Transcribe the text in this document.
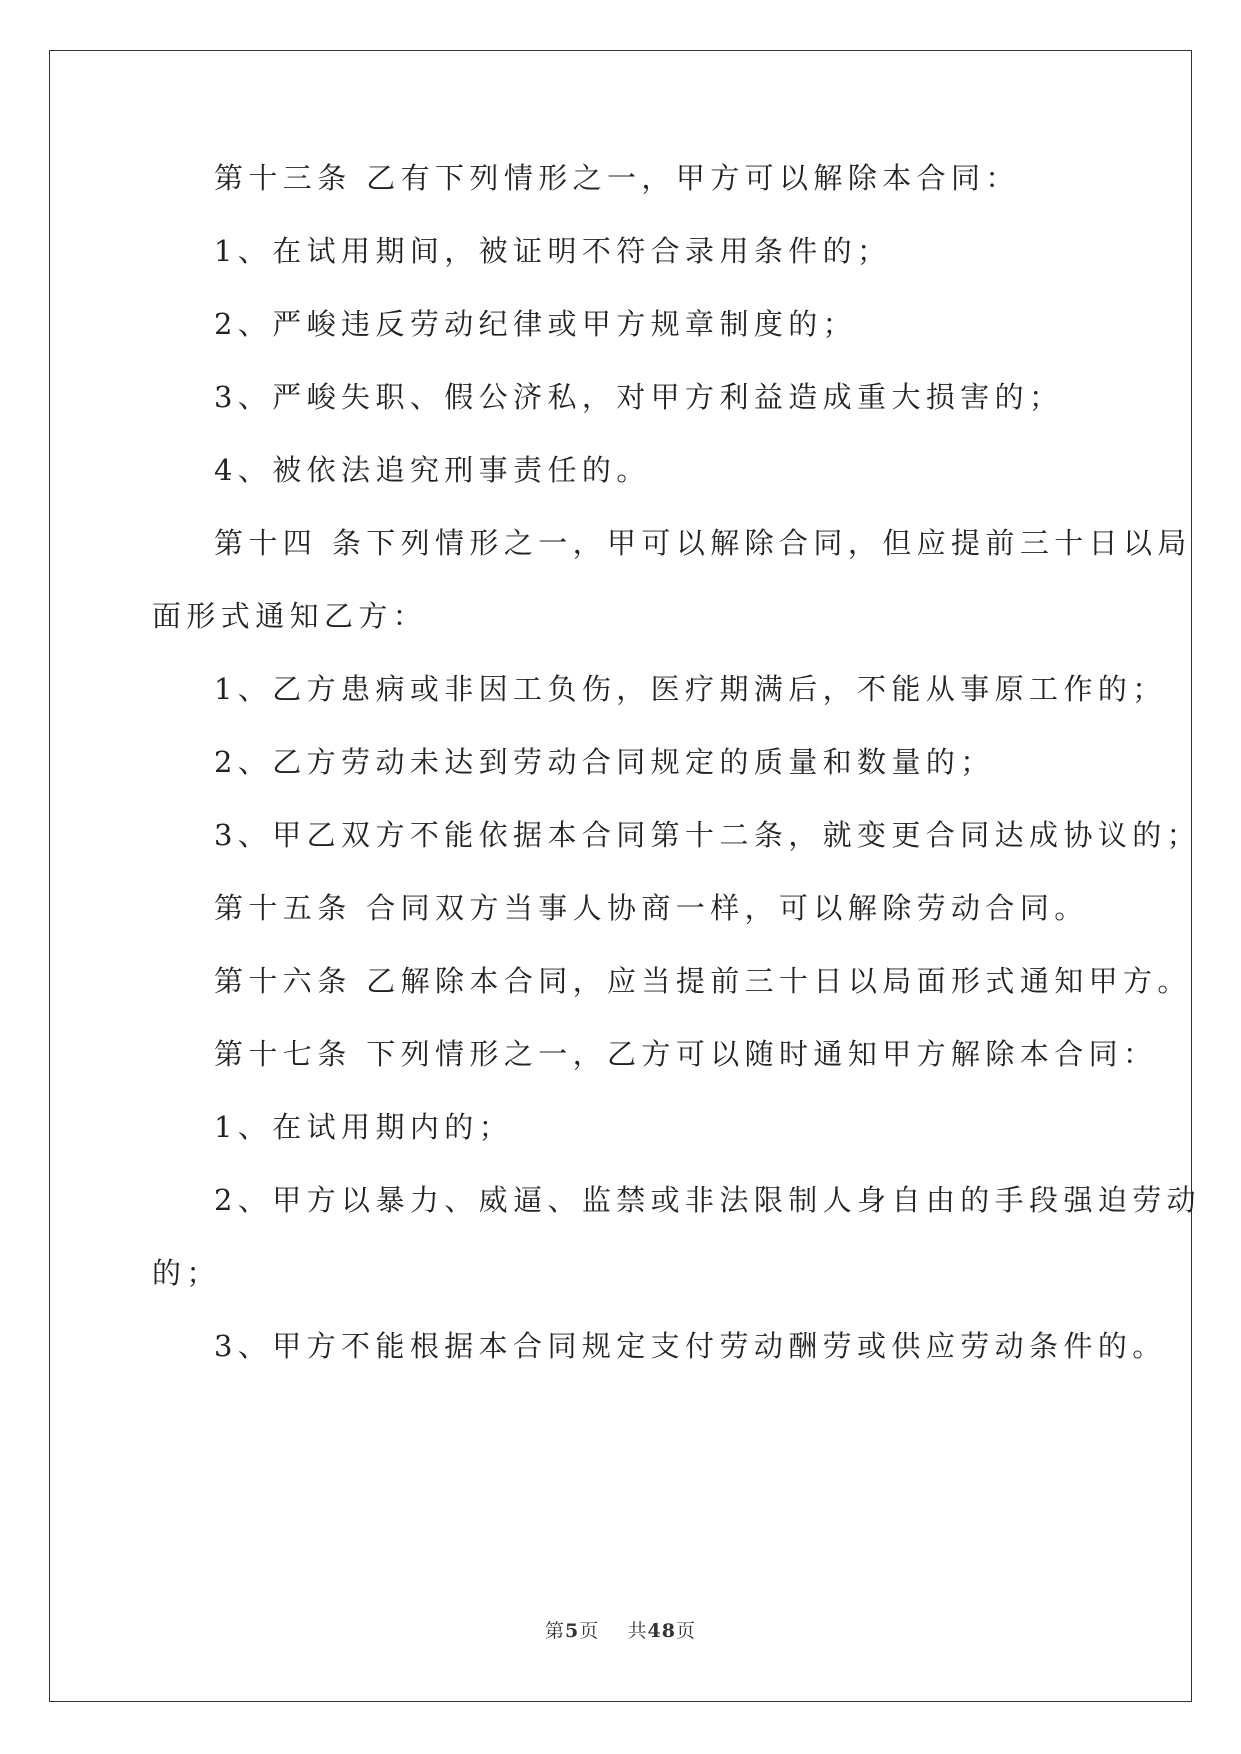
第十三条 乙有下列情形之一，甲方可以解除本合同：
1、在试用期间，被证明不符合录用条件的；
2、严峻违反劳动纪律或甲方规章制度的；
3、严峻失职、假公济私，对甲方利益造成重大损害的；
4、被依法追究刑事责任的。
第十四 条下列情形之一，甲可以解除合同，但应提前三十日以局
面形式通知乙方：
1、乙方患病或非因工负伤，医疗期满后，不能从事原工作的；
2、乙方劳动未达到劳动合同规定的质量和数量的；
3、甲乙双方不能依据本合同第十二条，就变更合同达成协议的；
第十五条 合同双方当事人协商一样，可以解除劳动合同。
第十六条 乙解除本合同，应当提前三十日以局面形式通知甲方。
第十七条 下列情形之一，乙方可以随时通知甲方解除本合同：
1、在试用期内的；
2、甲方以暴力、威逼、监禁或非法限制人身自由的手段强迫劳动
的；
3、甲方不能根据本合同规定支付劳动酬劳或供应劳动条件的。
第5页 共48页
